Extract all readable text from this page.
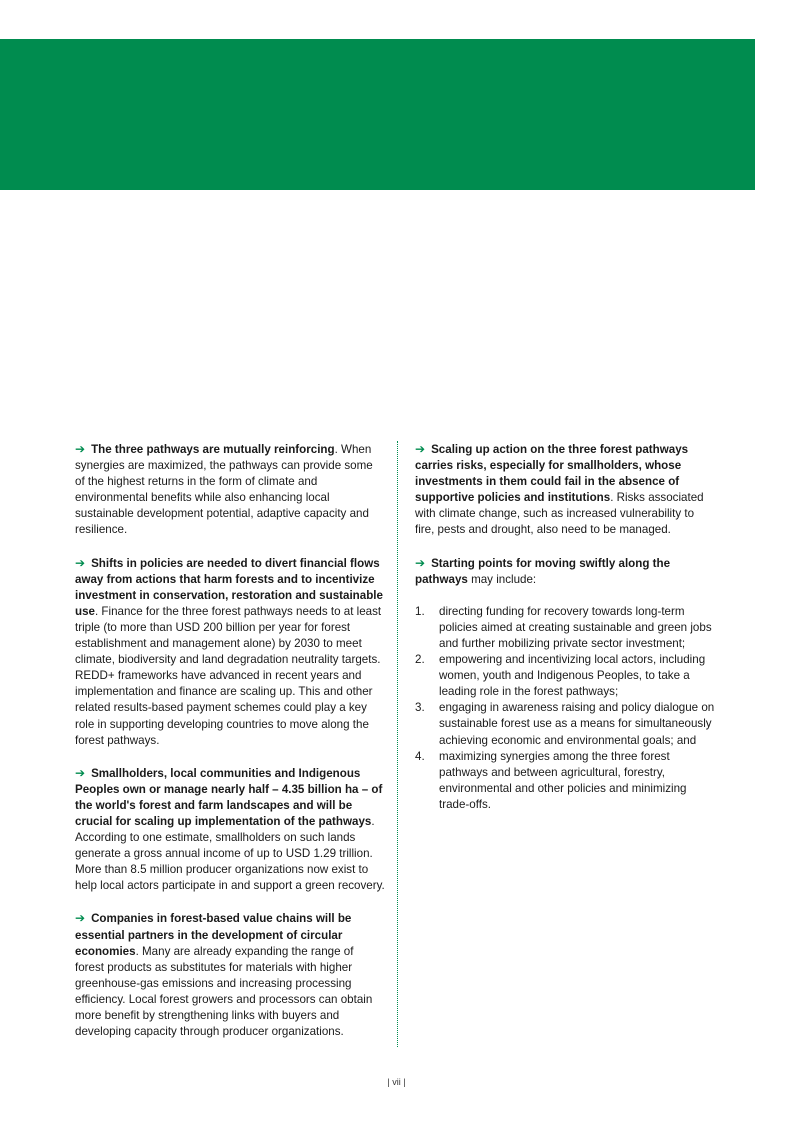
➔ The three pathways are mutually reinforcing. When synergies are maximized, the pathways can provide some of the highest returns in the form of climate and environmental benefits while also enhancing local sustainable development potential, adaptive capacity and resilience.

➔ Shifts in policies are needed to divert financial flows away from actions that harm forests and to incentivize investment in conservation, restoration and sustainable use. Finance for the three forest pathways needs to at least triple (to more than USD 200 billion per year for forest establishment and management alone) by 2030 to meet climate, biodiversity and land degradation neutrality targets. REDD+ frameworks have advanced in recent years and implementation and finance are scaling up. This and other related results-based payment schemes could play a key role in supporting developing countries to move along the forest pathways.

➔ Smallholders, local communities and Indigenous Peoples own or manage nearly half – 4.35 billion ha – of the world's forest and farm landscapes and will be crucial for scaling up implementation of the pathways. According to one estimate, smallholders on such lands generate a gross annual income of up to USD 1.29 trillion. More than 8.5 million producer organizations now exist to help local actors participate in and support a green recovery.

➔ Companies in forest-based value chains will be essential partners in the development of circular economies. Many are already expanding the range of forest products as substitutes for materials with higher greenhouse-gas emissions and increasing processing efficiency. Local forest growers and processors can obtain more benefit by strengthening links with buyers and developing capacity through producer organizations.

➔ Scaling up action on the three forest pathways carries risks, especially for smallholders, whose investments in them could fail in the absence of supportive policies and institutions. Risks associated with climate change, such as increased vulnerability to fire, pests and drought, also need to be managed.

➔ Starting points for moving swiftly along the pathways may include:

1. directing funding for recovery towards long-term policies aimed at creating sustainable and green jobs and further mobilizing private sector investment;
2. empowering and incentivizing local actors, including women, youth and Indigenous Peoples, to take a leading role in the forest pathways;
3. engaging in awareness raising and policy dialogue on sustainable forest use as a means for simultaneously achieving economic and environmental goals; and
4. maximizing synergies among the three forest pathways and between agricultural, forestry, environmental and other policies and minimizing trade-offs.
| vii |
